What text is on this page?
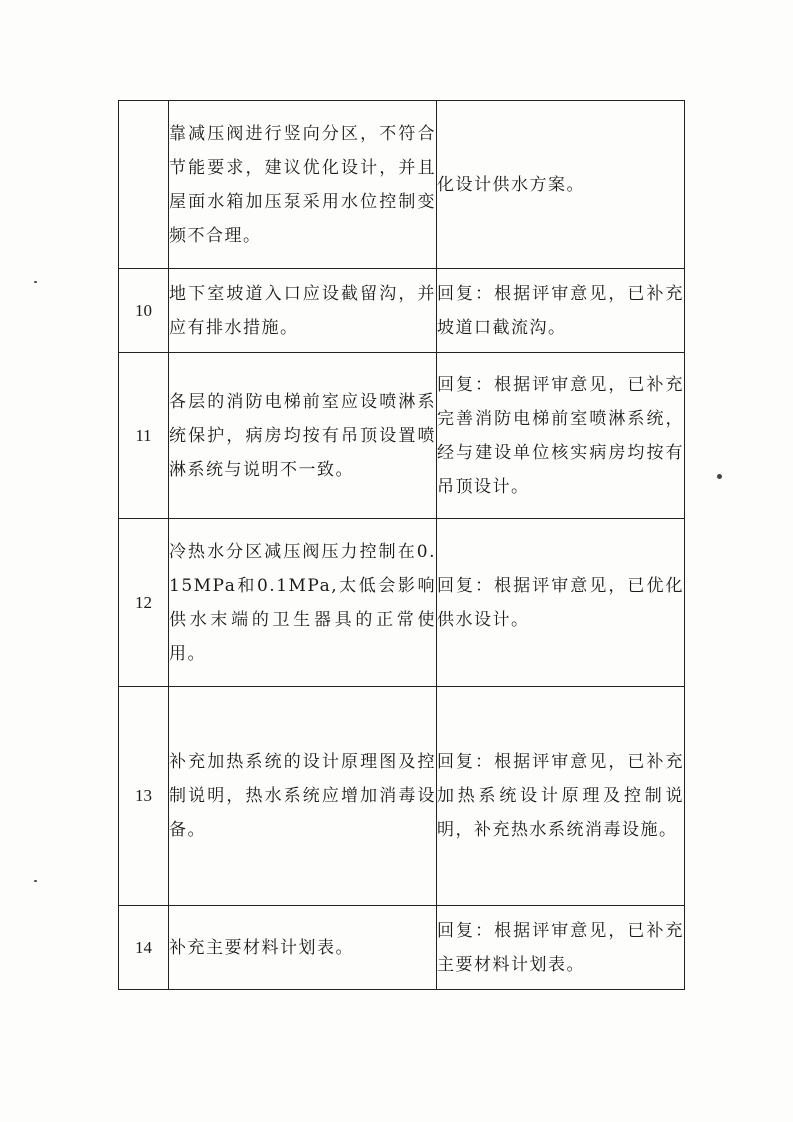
	靠减压阀进行竖向分区，不符合节能要求，建议优化设计，并且屋面水箱加压泵采用水位控制变频不合理。	化设计供水方案。
10	地下室坡道入口应设截留沟，并应有排水措施。	回复：根据评审意见，已补充坡道口截流沟。
11	各层的消防电梯前室应设喷淋系统保护，病房均按有吊顶设置喷淋系统与说明不一致。	回复：根据评审意见，已补充完善消防电梯前室喷淋系统，经与建设单位核实病房均按有吊顶设计。
12	冷热水分区减压阀压力控制在0.15MPa和0.1MPa,太低会影响供水末端的卫生器具的正常使用。	回复：根据评审意见，已优化供水设计。
13	补充加热系统的设计原理图及控制说明，热水系统应增加消毒设备。	回复：根据评审意见，已补充加热系统设计原理及控制说明，补充热水系统消毒设施。
14	补充主要材料计划表。	回复：根据评审意见，已补充主要材料计划表。
